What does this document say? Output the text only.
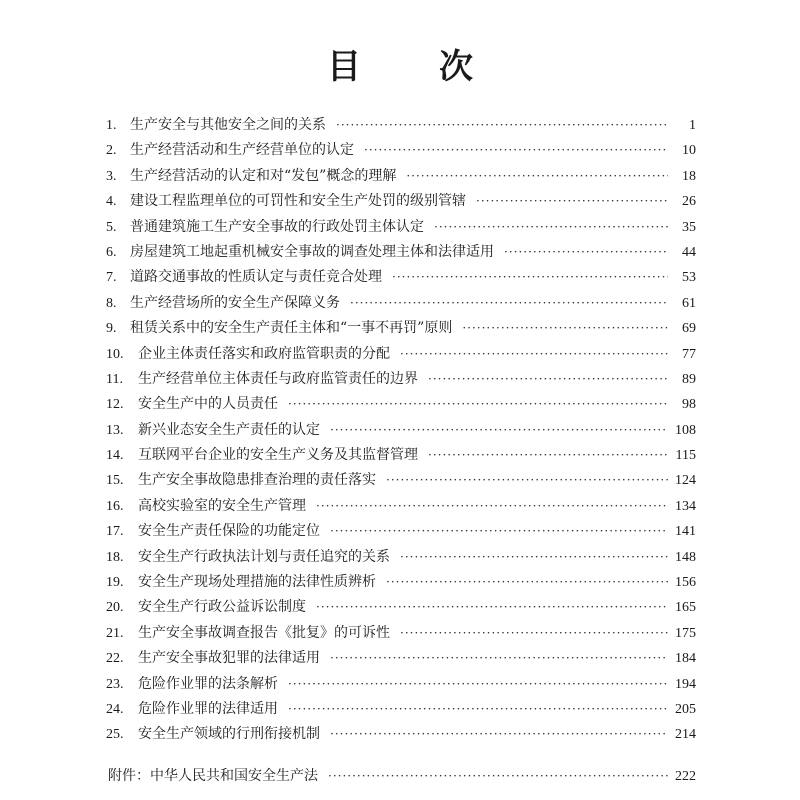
目 次
1. 生产安全与其他安全之间的关系 ·····	1
2. 生产经营活动和生产经营单位的认定 ·····	10
3. 生产经营活动的认定和对“发包”概念的理解 ·····	18
4. 建设工程监理单位的可罚性和安全生产处罚的级别管辖 ·····	26
5. 普通建筑施工生产安全事故的行政处罚主体认定 ·····	35
6. 房屋建筑工地起重机械安全事故的调查处理主体和法律适用 ·····	44
7. 道路交通事故的性质认定与责任竞合处理 ·····	53
8. 生产经营场所的安全生产保障义务 ·····	61
9. 租赁关系中的安全生产责任主体和“一事不再罚”原则 ·····	69
10.	企业主体责任落实和政府监管职责的分配 ·····	77
11.	生产经营单位主体责任与政府监管责任的边界 ·····	89
12.	安全生产中的人员责任 ·····	98
13.	新兴业态安全生产责任的认定 ·····	108
14.	互联网平台企业的安全生产义务及其监督管理 ·····	115
15.	生产安全事故隐患排查治理的责任落实 ·····	124
16.	高校实验室的安全生产管理 ·····	134
17.	安全生产责任保险的功能定位 ·····	141
18.	安全生产行政执法计划与责任追究的关系 ·····	148
19.	安全生产现场处理措施的法律性质辨析 ·····	156
20.	安全生产行政公益诉讼制度 ·····	165
21.	生产安全事故调查报告《批复》的可诉性 ·····	175
22.	生产安全事故犯罪的法律适用 ·····	184
23.	危险作业罪的法条解析 ·····	194
24.	危险作业罪的法律适用 ·····	205
25.	安全生产领域的行刑衔接机制 ·····	214
附件：中华人民共和国安全生产法 ·····	222
